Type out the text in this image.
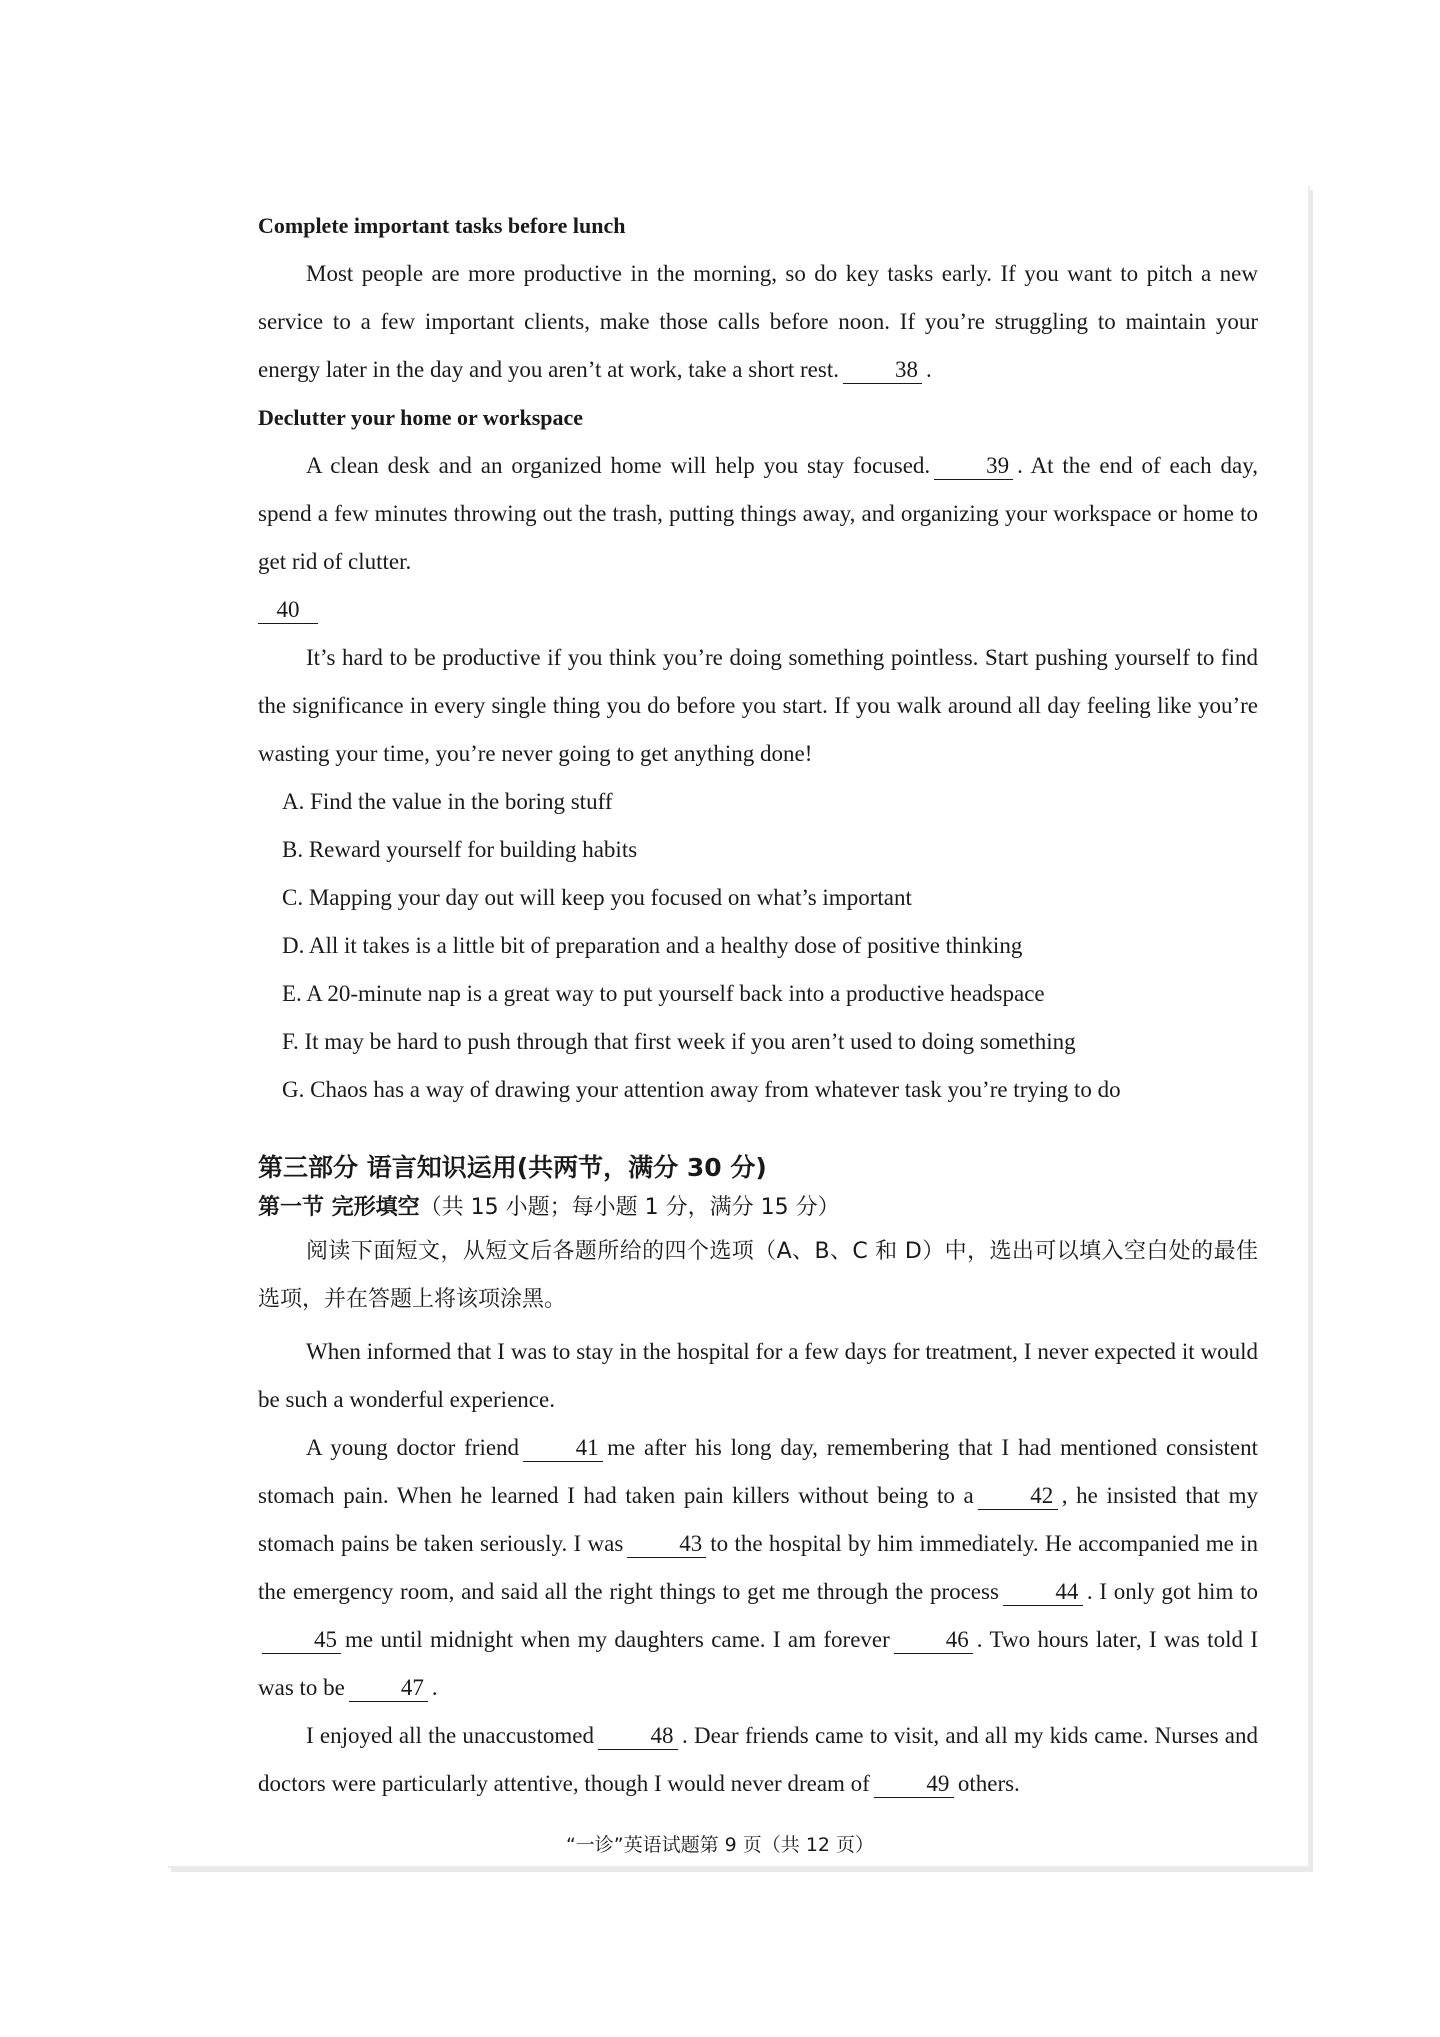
Complete important tasks before lunch

Most people are more productive in the morning, so do key tasks early. If you want to pitch a new service to a few important clients, make those calls before noon. If you’re struggling to maintain your energy later in the day and you aren’t at work, take a short rest. 38 .

Declutter your home or workspace

A clean desk and an organized home will help you stay focused. 39 . At the end of each day, spend a few minutes throwing out the trash, putting things away, and organizing your workspace or home to get rid of clutter.

40

It’s hard to be productive if you think you’re doing something pointless. Start pushing yourself to find the significance in every single thing you do before you start. If you walk around all day feeling like you’re wasting your time, you’re never going to get anything done!

A. Find the value in the boring stuff
B. Reward yourself for building habits
C. Mapping your day out will keep you focused on what’s important
D. All it takes is a little bit of preparation and a healthy dose of positive thinking
E. A 20-minute nap is a great way to put yourself back into a productive headspace
F. It may be hard to push through that first week if you aren’t used to doing something
G. Chaos has a way of drawing your attention away from whatever task you’re trying to do
第三部分 语言知识运用(共两节，满分 30 分)
第一节 完形填空（共 15 小题；每小题 1 分，满分 15 分）

阅读下面短文，从短文后各题所给的四个选项（A、B、C 和 D）中，选出可以填入空白处的最佳选项，并在答题上将该项涂黑。

When informed that I was to stay in the hospital for a few days for treatment, I never expected it would be such a wonderful experience.

A young doctor friend 41 me after his long day, remembering that I had mentioned consistent stomach pain. When he learned I had taken pain killers without being to a 42 , he insisted that my stomach pains be taken seriously. I was 43 to the hospital by him immediately. He accompanied me in the emergency room, and said all the right things to get me through the process 44 . I only got him to45 me until midnight when my daughters came. I am forever 46 . Two hours later, I was told I was to be 47 .

I enjoyed all the unaccustomed 48 . Dear friends came to visit, and all my kids came. Nurses and doctors were particularly attentive, though I would never dream of 49 others.

“一诊”英语试题第 9 页（共 12 页）
